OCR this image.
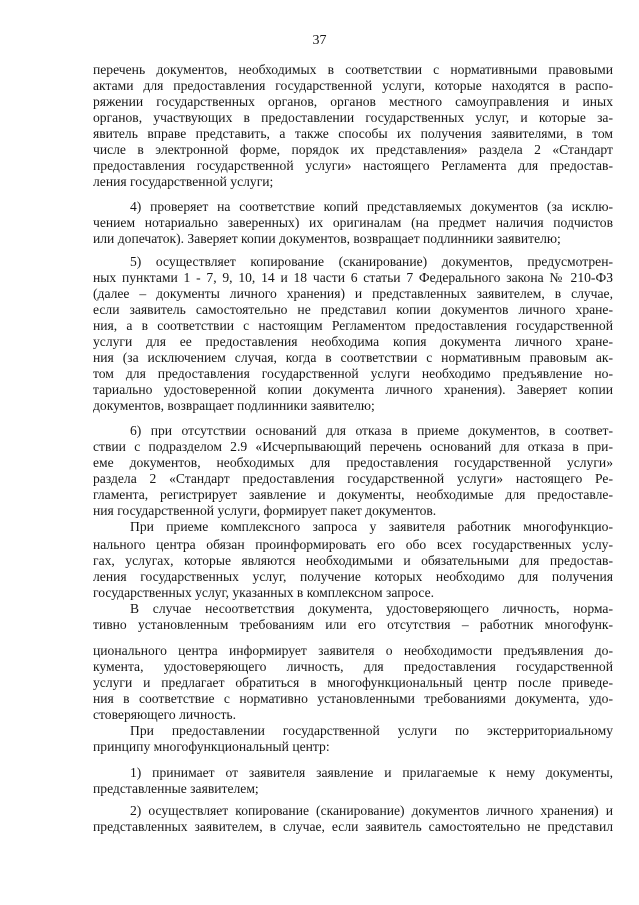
37
перечень документов, необходимых в соответствии с нормативными правовыми
актами для предоставления государственной услуги, которые находятся в распо-
ряжении государственных органов, органов местного самоуправления и иных
органов, участвующих в предоставлении государственных услуг, и которые за-
явитель вправе представить, а также способы их получения заявителями, в том
числе в электронной форме, порядок их представления» раздела 2 «Стандарт
предоставления государственной услуги» настоящего Регламента для предостав-
ления государственной услуги;
4) проверяет на соответствие копий представляемых документов (за исклю-
чением нотариально заверенных) их оригиналам (на предмет наличия подчистов
или допечаток). Заверяет копии документов, возвращает подлинники заявителю;
5) осуществляет копирование (сканирование) документов, предусмотрен-
ных пунктами 1 - 7, 9, 10, 14 и 18 части 6 статьи 7 Федерального закона № 210-ФЗ
(далее – документы личного хранения) и представленных заявителем, в случае,
если заявитель самостоятельно не представил копии документов личного хране-
ния, а в соответствии с настоящим Регламентом предоставления государственной
услуги для ее предоставления необходима копия документа личного хране-
ния (за исключением случая, когда в соответствии с нормативным правовым ак-
том для предоставления государственной услуги необходимо предъявление но-
тариально удостоверенной копии документа личного хранения). Заверяет копии
документов, возвращает подлинники заявителю;
6) при отсутствии оснований для отказа в приеме документов, в соответ-
ствии с подразделом 2.9 «Исчерпывающий перечень оснований для отказа в при-
еме документов, необходимых для предоставления государственной услуги»
раздела 2 «Стандарт предоставления государственной услуги» настоящего Ре-
гламента, регистрирует заявление и документы, необходимые для предоставле-
ния государственной услуги, формирует пакет документов.
При приеме комплексного запроса у заявителя работник многофункцио-
нального центра обязан проинформировать его обо всех государственных услу-
гах, услугах, которые являются необходимыми и обязательными для предостав-
ления государственных услуг, получение которых необходимо для получения
государственных услуг, указанных в комплексном запросе.
В случае несоответствия документа, удостоверяющего личность, норма-
тивно установленным требованиям или его отсутствия – работник многофунк-
ционального центра информирует заявителя о необходимости предъявления до-
кумента, удостоверяющего личность, для предоставления государственной
услуги и предлагает обратиться в многофункциональный центр после приведе-
ния в соответствие с нормативно установленными требованиями документа, удо-
стоверяющего личность.
При предоставлении государственной услуги по экстерриториальному
принципу многофункциональный центр:
1) принимает от заявителя заявление и прилагаемые к нему документы,
представленные заявителем;
2) осуществляет копирование (сканирование) документов личного хранения) и
представленных заявителем, в случае, если заявитель самостоятельно не представил
